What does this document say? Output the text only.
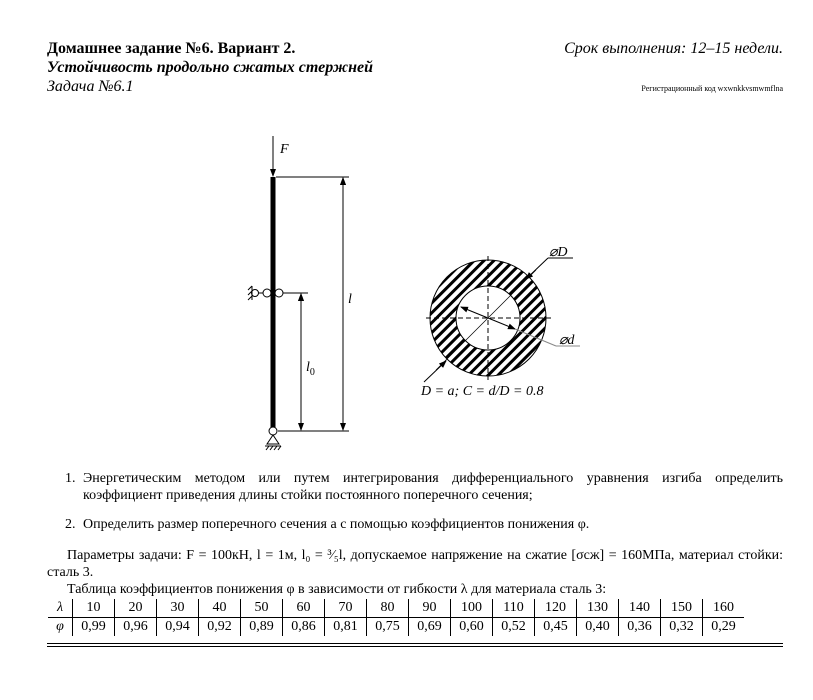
Домашнее задание №6. Вариант 2.
Устойчивость продольно сжатых стержней
Задача №6.1
Срок выполнения: 12–15 недели.
Регистрационный код wxwnkkvsmwmflna
F
l
$l_0$
⌀D
⌀d
D = a; C = d/D = 0.8
1. Энергетическим методом или путем интегрирования дифференциального уравнения изгиба определить коэффициент приведения длины стойки постоянного поперечного сечения;
2. Определить размер поперечного сечения a с помощью коэффициентов понижения φ.
Параметры задачи: F = 100кН, l = 1м, l₀ = ³⁄₅l, допускаемое напряжение на сжатие [σсж] = 160МПа, материал стойки: сталь 3.
Таблица коэффициентов понижения φ в зависимости от гибкости λ для материала сталь 3:
λ	10	20	30	40	50	60	70	80	90	100	110	120	130	140	150	160
φ	0,99	0,96	0,94	0,92	0,89	0,86	0,81	0,75	0,69	0,60	0,52	0,45	0,40	0,36	0,32	0,29
